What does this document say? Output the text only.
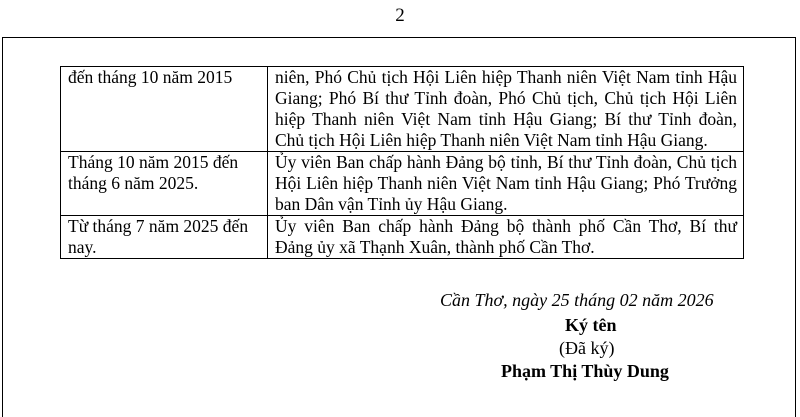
2
đến tháng 10 năm 2015	niên, Phó Chủ tịch Hội Liên hiệp Thanh niên Việt Nam tỉnh Hậu Giang; Phó Bí thư Tỉnh đoàn, Phó Chủ tịch, Chủ tịch Hội Liên hiệp Thanh niên Việt Nam tỉnh Hậu Giang; Bí thư Tỉnh đoàn, Chủ tịch Hội Liên hiệp Thanh niên Việt Nam tỉnh Hậu Giang.
Tháng 10 năm 2015 đến tháng 6 năm 2025.	Ủy viên Ban chấp hành Đảng bộ tỉnh, Bí thư Tỉnh đoàn, Chủ tịch Hội Liên hiệp Thanh niên Việt Nam tỉnh Hậu Giang; Phó Trưởng ban Dân vận Tỉnh ủy Hậu Giang.
Từ tháng 7 năm 2025 đến nay.	Ủy viên Ban chấp hành Đảng bộ thành phố Cần Thơ, Bí thư Đảng ủy xã Thạnh Xuân, thành phố Cần Thơ.
Cần Thơ, ngày 25 tháng 02 năm 2026
Ký tên
(Đã ký)
Phạm Thị Thùy Dung
